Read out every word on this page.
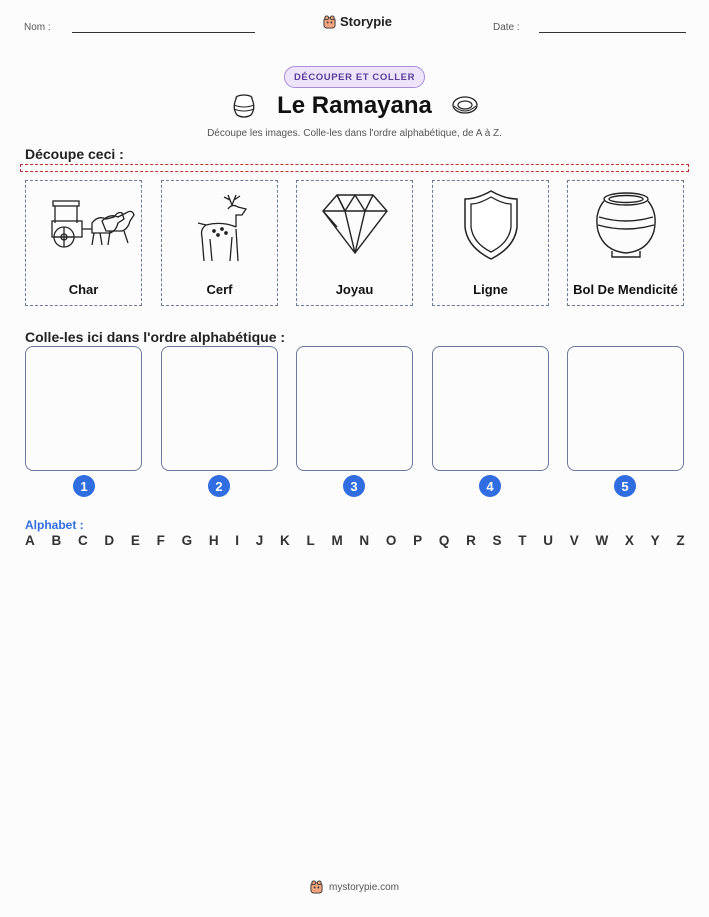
Nom :	Storypie	Date :
DÉCOUPER ET COLLER
Le Ramayana
Découpe les images. Colle-les dans l'ordre alphabétique, de A à Z.
Découpe ceci :
Char	Cerf	Joyau	Ligne	Bol De Mendicité
Colle-les ici dans l'ordre alphabétique :
1	2	3	4	5
Alphabet :
A B C D E F G H I J K L M N O P Q R S T U V W X Y Z
mystorypie.com
